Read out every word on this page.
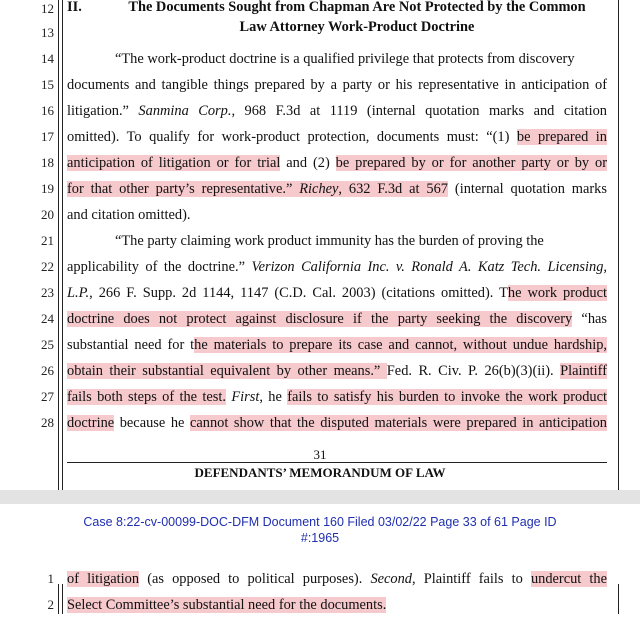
12
13
14
15
16
17
18
19
20
21
22
23
24
25
26
27
28
II.	The Documents Sought from Chapman Are Not Protected by the Common
Law Attorney Work-Product Doctrine
“The work-product doctrine is a qualified privilege that protects from discovery
documents and tangible things prepared by a party or his representative in anticipation of
litigation.” Sanmina Corp., 968 F.3d at 1119 (internal quotation marks and citation
omitted). To qualify for work-product protection, documents must: “(1) be prepared in
anticipation of litigation or for trial and (2) be prepared by or for another party or by or
for that other party’s representative.” Richey, 632 F.3d at 567 (internal quotation marks
and citation omitted).
“The party claiming work product immunity has the burden of proving the
applicability of the doctrine.” Verizon California Inc. v. Ronald A. Katz Tech. Licensing,
L.P., 266 F. Supp. 2d 1144, 1147 (C.D. Cal. 2003) (citations omitted). The work product
doctrine does not protect against disclosure if the party seeking the discovery “has
substantial need for the materials to prepare its case and cannot, without undue hardship,
obtain their substantial equivalent by other means.” Fed. R. Civ. P. 26(b)(3)(ii). Plaintiff
fails both steps of the test. First, he fails to satisfy his burden to invoke the work product
doctrine because he cannot show that the disputed materials were prepared in anticipation
31
DEFENDANTS’ MEMORANDUM OF LAW
Case 8:22-cv-00099-DOC-DFM Document 160 Filed 03/02/22 Page 33 of 61 Page ID
#:1965
1
2
of litigation (as opposed to political purposes). Second, Plaintiff fails to undercut the
Select Committee’s substantial need for the documents.
